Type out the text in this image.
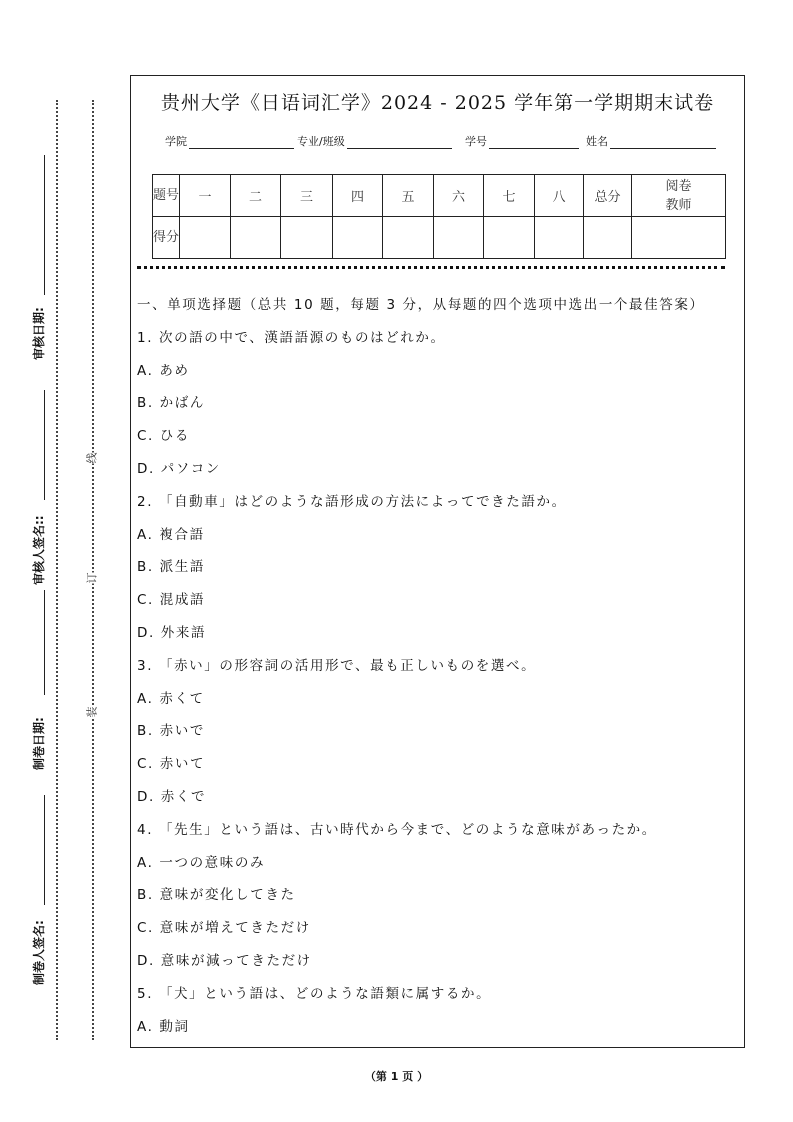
制卷人签名:
制卷日期:
审核人签名::
审核日期:
装
订
线
贵州大学《日语词汇学》2024 - 2025 学年第一学期期末试卷
学院	专业/班级	学号	姓名
题号	一	二	三	四	五	六	七	八	总分	阅卷教师
得分										
一、单项选择题（总共 10 题，每题 3 分，从每题的四个选项中选出一个最佳答案）
1. 次の語の中で、漢語語源のものはどれか。
A. あめ
B. かばん
C. ひる
D. パソコン
2. 「自動車」はどのような語形成の方法によってできた語か。
A. 複合語
B. 派生語
C. 混成語
D. 外来語
3. 「赤い」の形容詞の活用形で、最も正しいものを選べ。
A. 赤くて
B. 赤いで
C. 赤いて
D. 赤くで
4. 「先生」という語は、古い時代から今まで、どのような意味があったか。
A. 一つの意味のみ
B. 意味が変化してきた
C. 意味が増えてきただけ
D. 意味が減ってきただけ
5. 「犬」という語は、どのような語類に属するか。
A. 動詞
（第 1 页 ）
